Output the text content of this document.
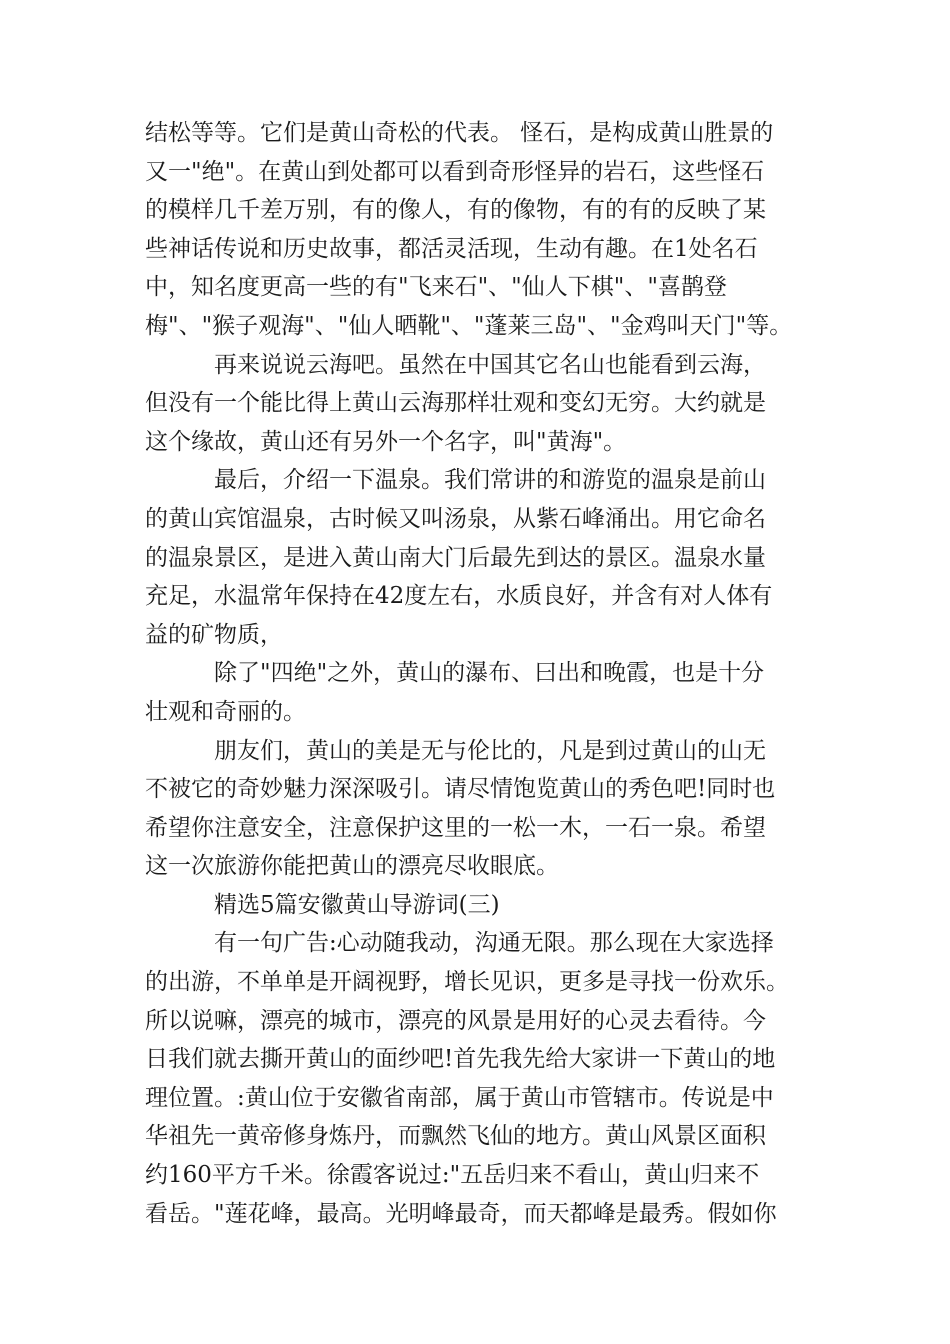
结松等等。它们是黄山奇松的代表。 怪石，是构成黄山胜景的
又一"绝"。在黄山到处都可以看到奇形怪异的岩石，这些怪石
的模样几千差万别，有的像人，有的像物，有的有的反映了某
些神话传说和历史故事，都活灵活现，生动有趣。在1处名石
中，知名度更高一些的有"飞来石"、"仙人下棋"、"喜鹊登
梅"、"猴子观海"、"仙人晒靴"、"蓬莱三岛"、"金鸡叫天门"等。
再来说说云海吧。虽然在中国其它名山也能看到云海，
但没有一个能比得上黄山云海那样壮观和变幻无穷。大约就是
这个缘故，黄山还有另外一个名字，叫"黄海"。
最后，介绍一下温泉。我们常讲的和游览的温泉是前山
的黄山宾馆温泉，古时候又叫汤泉，从紫石峰涌出。用它命名
的温泉景区，是进入黄山南大门后最先到达的景区。温泉水量
充足，水温常年保持在42度左右，水质良好，并含有对人体有
益的矿物质，
除了"四绝"之外，黄山的瀑布、曰出和晚霞，也是十分
壮观和奇丽的。
朋友们，黄山的美是无与伦比的，凡是到过黄山的山无
不被它的奇妙魅力深深吸引。请尽情饱览黄山的秀色吧!同时也
希望你注意安全，注意保护这里的一松一木，一石一泉。希望
这一次旅游你能把黄山的漂亮尽收眼底。
精选5篇安徽黄山导游词(三)
有一句广告:心动随我动，沟通无限。那么现在大家选择
的出游，不单单是开阔视野，增长见识，更多是寻找一份欢乐。
所以说嘛，漂亮的城市，漂亮的风景是用好的心灵去看待。今
日我们就去撕开黄山的面纱吧!首先我先给大家讲一下黄山的地
理位置。:黄山位于安徽省南部，属于黄山市管辖市。传说是中
华祖先一黄帝修身炼丹，而飘然飞仙的地方。黄山风景区面积
约160平方千米。徐霞客说过:"五岳归来不看山，黄山归来不
看岳。"莲花峰，最高。光明峰最奇，而天都峰是最秀。假如你
